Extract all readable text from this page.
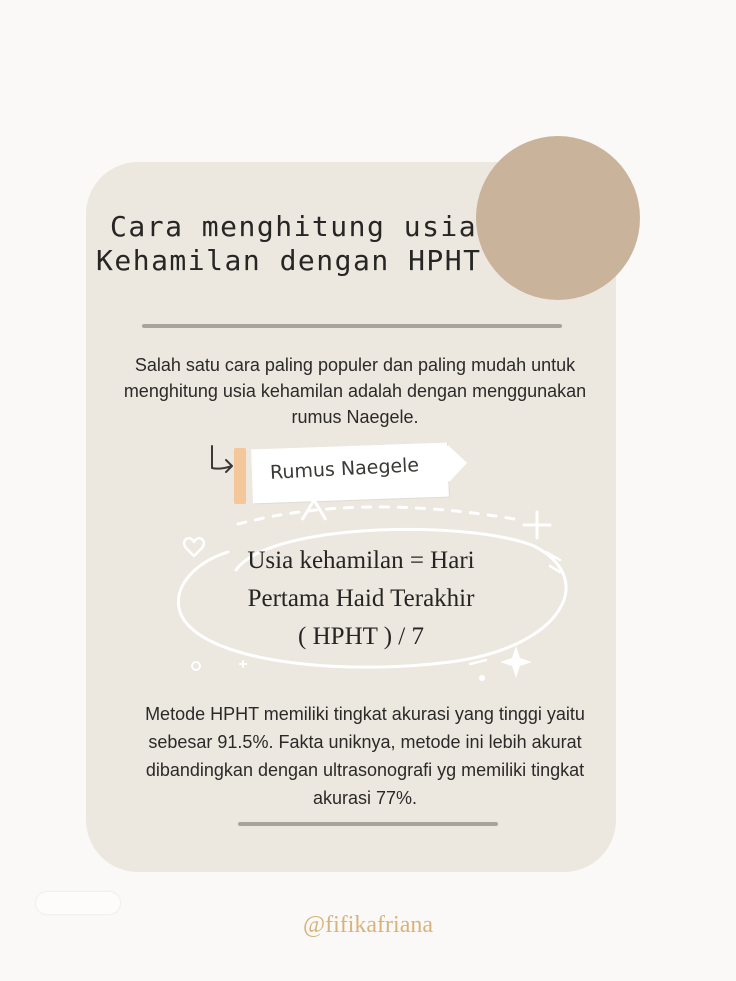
Cara menghitung usia
Kehamilan dengan HPHT
Salah satu cara paling populer dan paling mudah untuk menghitung usia kehamilan adalah dengan menggunakan rumus Naegele.
Rumus Naegele
Usia kehamilan = Hari
Pertama Haid Terakhir
( HPHT ) / 7
Metode HPHT memiliki tingkat akurasi yang tinggi yaitu sebesar 91.5%. Fakta uniknya, metode ini lebih akurat dibandingkan dengan ultrasonografi yg memiliki tingkat akurasi 77%.
@fifikafriana
